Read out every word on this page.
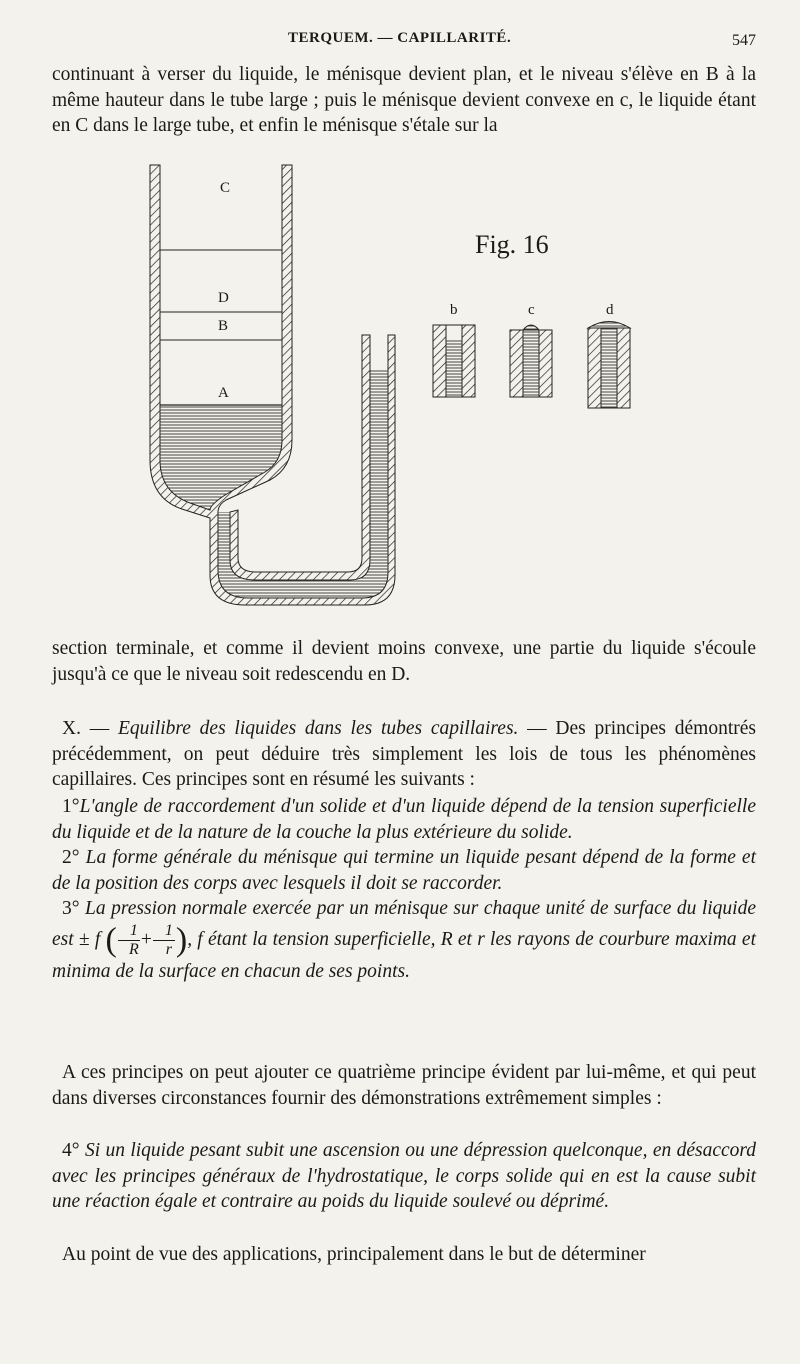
TERQUEM. — CAPILLARITÉ.	547

continuant à verser du liquide, le ménisque devient plan, et le niveau s'élève en B à la même hauteur dans le tube large ; puis le ménisque devient convexe en c, le liquide étant en C dans le large tube, et enfin le ménisque s'étale sur la

Fig. 16
C
D
B
A
b	c	d

section terminale, et comme il devient moins convexe, une partie du liquide s'écoule jusqu'à ce que le niveau soit redescendu en D.

X. — Equilibre des liquides dans les tubes capillaires. — Des principes démontrés précédemment, on peut déduire très simplement les lois de tous les phénomènes capillaires. Ces principes sont en résumé les suivants :

1°L'angle de raccordement d'un solide et d'un liquide dépend de la tension superficielle du liquide et de la nature de la couche la plus extérieure du solide.

2° La forme générale du ménisque qui termine un liquide pesant dépend de la forme et de la position des corps avec lesquels il doit se raccorder.

3° La pression normale exercée par un ménisque sur chaque unité de surface du liquide est ± f ( $\frac{1}{R} + \frac{1}{r}$ ), f étant la tension superficielle, R et r les rayons de courbure maxima et minima de la surface en chacun de ses points.

A ces principes on peut ajouter ce quatrième principe évident par lui-même, et qui peut dans diverses circonstances fournir des démonstrations extrêmement simples :

4° Si un liquide pesant subit une ascension ou une dépression quelconque, en désaccord avec les principes généraux de l'hydrostatique, le corps solide qui en est la cause subit une réaction égale et contraire au poids du liquide soulevé ou déprimé.

Au point de vue des applications, principalement dans le but de déterminer
